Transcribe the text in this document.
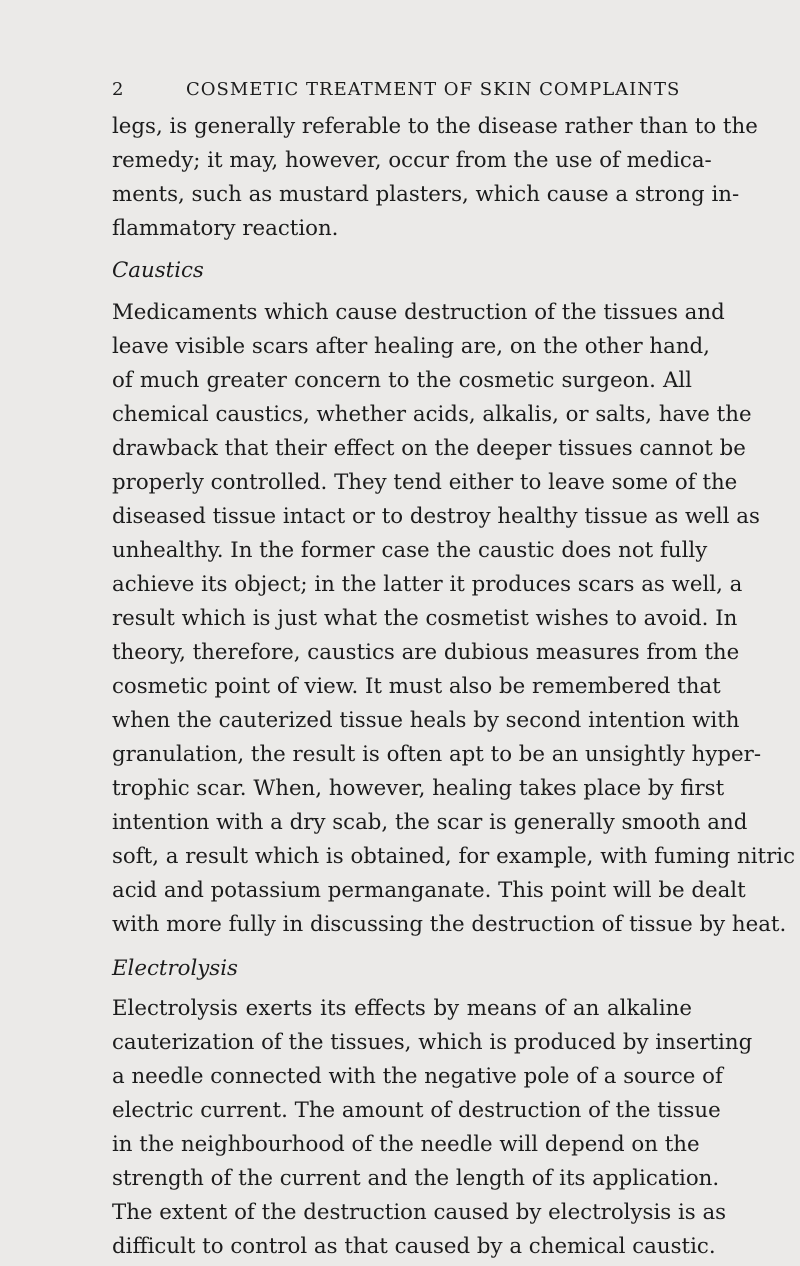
2	COSMETIC TREATMENT OF SKIN COMPLAINTS
legs, is generally referable to the disease rather than to the
remedy; it may, however, occur from the use of medica-
ments, such as mustard plasters, which cause a strong in-
flammatory reaction.
Caustics
Medicaments which cause destruction of the tissues and
leave visible scars after healing are, on the other hand,
of much greater concern to the cosmetic surgeon. All
chemical caustics, whether acids, alkalis, or salts, have the
drawback that their effect on the deeper tissues cannot be
properly controlled. They tend either to leave some of the
diseased tissue intact or to destroy healthy tissue as well as
unhealthy. In the former case the caustic does not fully
achieve its object; in the latter it produces scars as well, a
result which is just what the cosmetist wishes to avoid. In
theory, therefore, caustics are dubious measures from the
cosmetic point of view. It must also be remembered that
when the cauterized tissue heals by second intention with
granulation, the result is often apt to be an unsightly hyper-
trophic scar. When, however, healing takes place by first
intention with a dry scab, the scar is generally smooth and
soft, a result which is obtained, for example, with fuming nitric
acid and potassium permanganate. This point will be dealt
with more fully in discussing the destruction of tissue by heat.
Electrolysis
Electrolysis exerts its effects by means of an alkaline
cauterization of the tissues, which is produced by inserting
a needle connected with the negative pole of a source of
electric current. The amount of destruction of the tissue
in the neighbourhood of the needle will depend on the
strength of the current and the length of its application.
The extent of the destruction caused by electrolysis is as
difficult to control as that caused by a chemical caustic.
